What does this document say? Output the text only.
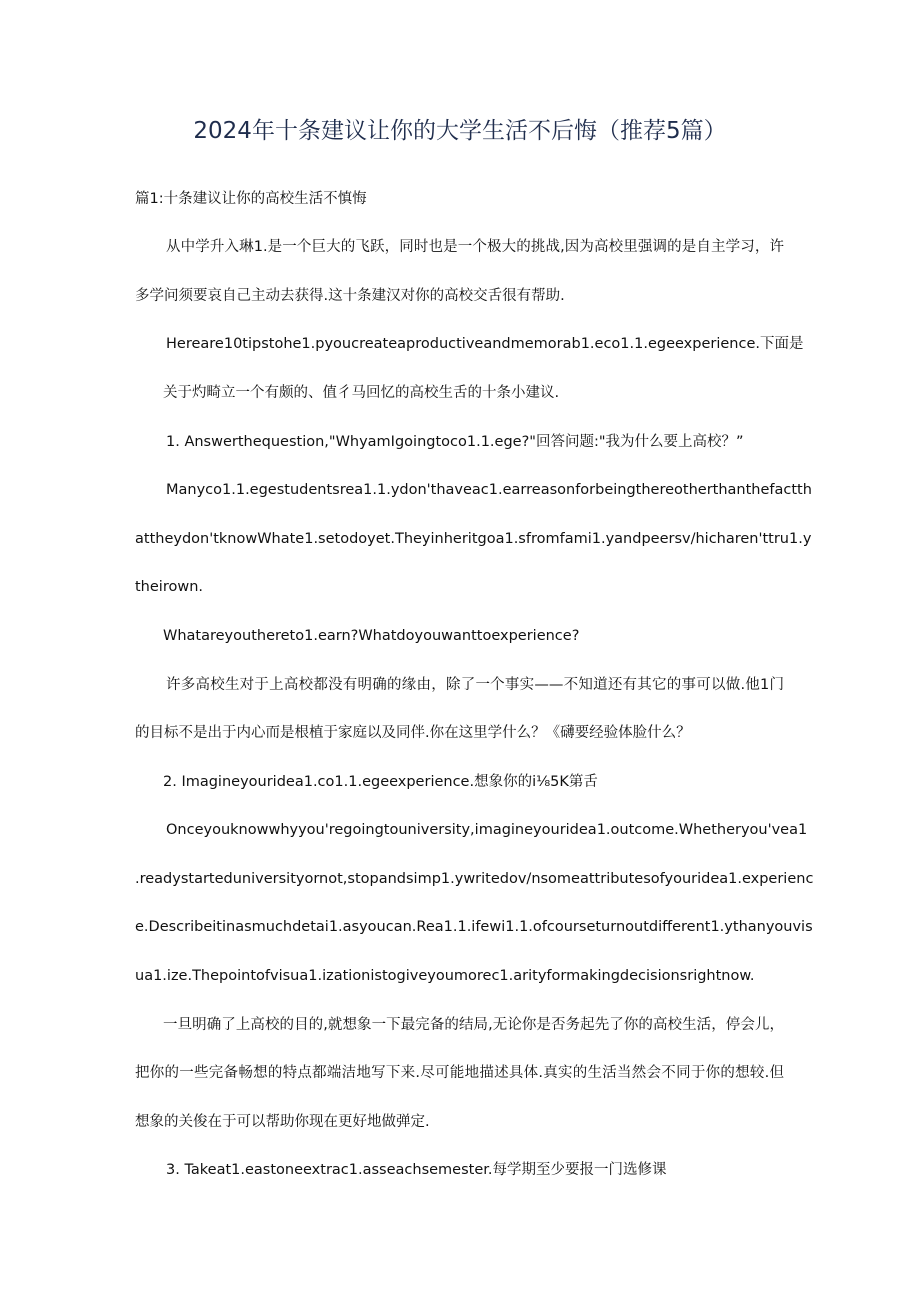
2024年十条建议让你的大学生活不后悔（推荐5篇）
篇1:十条建议让你的高校生活不慎悔
从中学升入琳1.是一个巨大的飞跃，同时也是一个极大的挑战,因为高校里强调的是自主学习，许
多学问须要哀自己主动去获得.这十条建汉对你的高校交舌很有帮助.
Hereare10tipstohe1.pyoucreateaproductiveandmemorab1.eco1.1.egeexperience.下面是
关于灼畸立一个有颇的、值彳马回忆的高校生舌的十条小建议.
1. Answerthequestion,"WhyamIgoingtoco1.1.ege?"回答问题:"我为什么要上高校？”
Manyco1.1.egestudentsrea1.1.ydon'thaveac1.earreasonforbeingthereotherthanthefactth
attheydon'tknowWhate1.setodoyet.Theyinheritgoa1.sfromfami1.yandpeersv/hicharen'ttru1.y
theirown.
Whatareyouthereto1.earn?Whatdoyouwanttoexperience?
许多高校生对于上高校都没有明确的缘由，除了一个事实——不知道还有其它的事可以做.他1门
的目标不是出于内心而是根植于家庭以及同伴.你在这里学什么？《礴要经验体脸什么？
2. Imagineyouridea1.co1.1.egeexperience.想象你的i⅛5K第舌
Onceyouknowwhyyou'regoingtouniversity,imagineyouridea1.outcome.Whetheryou'vea1
.readystarteduniversityornot,stopandsimp1.ywritedov/nsomeattributesofyouridea1.experienc
e.Describeitinasmuchdetai1.asyoucan.Rea1.1.ifewi1.1.ofcourseturnoutdifferent1.ythanyouvis
ua1.ize.Thepointofvisua1.izationistogiveyoumorec1.arityformakingdecisionsrightnow.
一旦明确了上高校的目的,就想象一下最完备的结局,无论你是否务起先了你的高校生活，停会儿，
把你的一些完备畅想的特点都端洁地写下来.尽可能地描述具体.真实的生活当然会不同于你的想较.但
想象的关俊在于可以帮助你现在更好地做弹定.
3. Takeat1.eastoneextrac1.asseachsemester.每学期至少要报一门选修课
